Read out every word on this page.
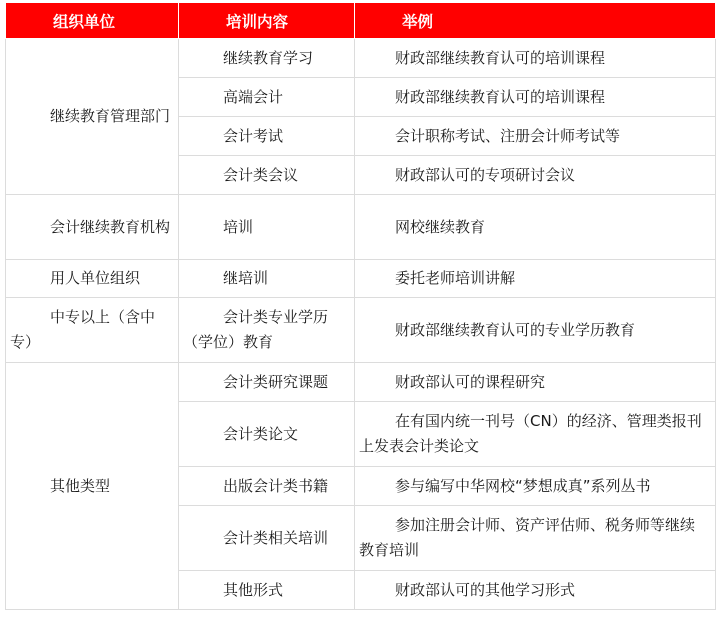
组织单位	培训内容	举例
继续教育管理部门	继续教育学习	财政部继续教育认可的培训课程
	高端会计	财政部继续教育认可的培训课程
	会计考试	会计职称考试、注册会计师考试等
	会计类会议	财政部认可的专项研讨会议
会计继续教育机构	培训	网校继续教育
用人单位组织	继培训	委托老师培训讲解
中专以上（含中专）	会计类专业学历（学位）教育	财政部继续教育认可的专业学历教育
其他类型	会计类研究课题	财政部认可的课程研究
	会计类论文	在有国内统一刊号（CN）的经济、管理类报刊上发表会计类论文
	出版会计类书籍	参与编写中华网校“梦想成真”系列丛书
	会计类相关培训	参加注册会计师、资产评估师、税务师等继续教育培训
	其他形式	财政部认可的其他学习形式
